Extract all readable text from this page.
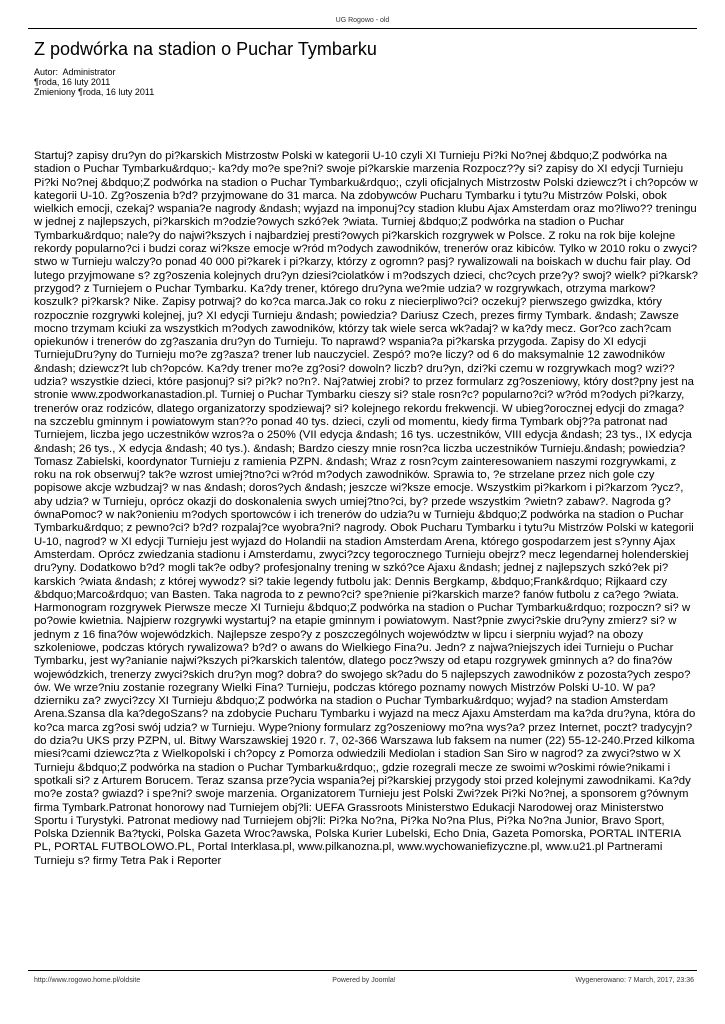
UG Rogowo - old
Z podwórka na stadion o Puchar Tymbarku
Autor:  Administrator
¶roda, 16 luty 2011
Zmieniony ¶roda, 16 luty 2011

Startuj? zapisy dru?yn do pi?karskich Mistrzostw Polski w kategorii U-10 czyli XI Turnieju Pi?ki No?nej &bdquo;Z podwórka na stadion o Puchar Tymbarku&rdquo;- ka?dy mo?e spe?ni? swoje pi?karskie marzenia Rozpocz??y si? zapisy do XI edycji Turnieju Pi?ki No?nej &bdquo;Z podwórka na stadion o Puchar Tymbarku&rdquo;, czyli oficjalnych Mistrzostw Polski dziewcz?t i ch?opców w kategorii U-10. Zg?oszenia b?d? przyjmowane do 31 marca. Na zdobywców Pucharu Tymbarku i tytu?u Mistrzów Polski, obok wielkich emocji, czekaj? wspania?e nagrody &ndash; wyjazd na imponuj?cy stadion klubu Ajax Amsterdam oraz mo?liwo?? treningu w jednej z najlepszych, pi?karskich m?odzie?owych szkó?ek ?wiata. Turniej &bdquo;Z podwórka na stadion o Puchar Tymbarku&rdquo; nale?y do najwi?kszych i najbardziej presti?owych pi?karskich rozgrywek w Polsce. Z roku na rok bije kolejne rekordy popularno?ci i budzi coraz wi?ksze emocje w?ród m?odych zawodników, trenerów oraz kibiców. Tylko w 2010 roku o zwyci?stwo w Turnieju walczy?o ponad 40 000 pi?karek i pi?karzy, którzy z ogromn? pasj? rywalizowali na boiskach w duchu fair play. Od lutego przyjmowane s? zg?oszenia kolejnych dru?yn dziesi?ciolatków i m?odszych dzieci, chc?cych prze?y? swoj? wielk? pi?karsk? przygod? z Turniejem o Puchar Tymbarku. Ka?dy trener, którego dru?yna we?mie udzia? w rozgrywkach, otrzyma markow? koszulk? pi?karsk? Nike. Zapisy potrwaj? do ko?ca marca.Jak co roku z niecierpliwo?ci? oczekuj? pierwszego gwizdka, który rozpocznie rozgrywki kolejnej, ju? XI edycji Turnieju &ndash; powiedzia? Dariusz Czech, prezes firmy Tymbark. &ndash; Zawsze mocno trzymam kciuki za wszystkich m?odych zawodników, którzy tak wiele serca wk?adaj? w ka?dy mecz. Gor?co zach?cam opiekunów i trenerów do zg?aszania dru?yn do Turnieju. To naprawd? wspania?a pi?karska przygoda. Zapisy do XI edycji TurniejuDru?yny do Turnieju mo?e zg?asza? trener lub nauczyciel. Zespó? mo?e liczy? od 6 do maksymalnie 12 zawodników &ndash; dziewcz?t lub ch?opców. Ka?dy trener mo?e zg?osi? dowoln? liczb? dru?yn, dzi?ki czemu w rozgrywkach mog? wzi?? udzia? wszystkie dzieci, które pasjonuj? si? pi?k? no?n?. Naj?atwiej zrobi? to przez formularz zg?oszeniowy, który dost?pny jest na stronie www.zpodworkanastadion.pl. Turniej o Puchar Tymbarku cieszy si? stale rosn?c? popularno?ci? w?ród m?odych pi?karzy, trenerów oraz rodziców, dlatego organizatorzy spodziewaj? si? kolejnego rekordu frekwencji. W ubieg?orocznej edycji do zmaga? na szczeblu gminnym i powiatowym stan??o ponad 40 tys. dzieci, czyli od momentu, kiedy firma Tymbark obj??a patronat nad Turniejem, liczba jego uczestników wzros?a o 250% (VII edycja &ndash; 16 tys. uczestników, VIII edycja &ndash; 23 tys., IX edycja &ndash; 26 tys., X edycja &ndash; 40 tys.). &ndash; Bardzo cieszy mnie rosn?ca liczba uczestników Turnieju.&ndash; powiedzia? Tomasz Zabielski, koordynator Turnieju z ramienia PZPN. &ndash; Wraz z rosn?cym zainteresowaniem naszymi rozgrywkami, z roku na rok obserwuj? tak?e wzrost umiej?tno?ci w?ród m?odych zawodników. Sprawia to, ?e strzelane przez nich gole czy popisowe akcje wzbudzaj? w nas &ndash; doros?ych &ndash; jeszcze wi?ksze emocje. Wszystkim pi?karkom i pi?karzom ?ycz?, aby udzia? w Turnieju, oprócz okazji do doskonalenia swych umiej?tno?ci, by? przede wszystkim ?wietn? zabaw?. Nagroda g?ównaPomoc? w nak?onieniu m?odych sportowców i ich trenerów do udzia?u w Turnieju &bdquo;Z podwórka na stadion o Puchar Tymbarku&rdquo; z pewno?ci? b?d? rozpalaj?ce wyobra?ni? nagrody. Obok Pucharu Tymbarku i tytu?u Mistrzów Polski w kategorii U-10, nagrod? w XI edycji Turnieju jest wyjazd do Holandii na stadion Amsterdam Arena, którego gospodarzem jest s?ynny Ajax Amsterdam. Oprócz zwiedzania stadionu i Amsterdamu, zwyci?zcy tegorocznego Turnieju obejrz? mecz legendarnej holenderskiej dru?yny. Dodatkowo b?d? mogli tak?e odby? profesjonalny trening w szkó?ce Ajaxu &ndash; jednej z najlepszych szkó?ek pi?karskich ?wiata &ndash; z której wywodz? si? takie legendy futbolu jak: Dennis Bergkamp, &bdquo;Frank&rdquo; Rijkaard czy &bdquo;Marco&rdquo; van Basten. Taka nagroda to z pewno?ci? spe?nienie pi?karskich marze? fanów futbolu z ca?ego ?wiata. Harmonogram rozgrywek Pierwsze mecze XI Turnieju &bdquo;Z podwórka na stadion o Puchar Tymbarku&rdquo; rozpoczn? si? w po?owie kwietnia. Najpierw rozgrywki wystartuj? na etapie gminnym i powiatowym. Nast?pnie zwyci?skie dru?yny zmierz? si? w jednym z 16 fina?ów wojewódzkich. Najlepsze zespo?y z poszczególnych województw w lipcu i sierpniu wyjad? na obozy szkoleniowe, podczas których rywalizowa? b?d? o awans do Wielkiego Fina?u. Jedn? z najwa?niejszych idei Turnieju o Puchar Tymbarku, jest wy?anianie najwi?kszych pi?karskich talentów, dlatego pocz?wszy od etapu rozgrywek gminnych a? do fina?ów wojewódzkich, trenerzy zwyci?skich dru?yn mog? dobra? do swojego sk?adu do 5 najlepszych zawodników z pozosta?ych zespo?ów. We wrze?niu zostanie rozegrany Wielki Fina? Turnieju, podczas którego poznamy nowych Mistrzów Polski U-10. W pa?dzierniku za? zwyci?zcy XI Turnieju &bdquo;Z podwórka na stadion o Puchar Tymbarku&rdquo; wyjad? na stadion Amsterdam Arena.Szansa dla ka?degoSzans? na zdobycie Pucharu Tymbarku i wyjazd na mecz Ajaxu Amsterdam ma ka?da dru?yna, która do ko?ca marca zg?osi swój udzia? w Turnieju. Wype?niony formularz zg?oszeniowy mo?na wys?a? przez Internet, poczt? tradycyjn? do dzia?u UKS przy PZPN, ul. Bitwy Warszawskiej 1920 r. 7, 02-366 Warszawa lub faksem na numer (22) 55-12-240.Przed kilkoma miesi?cami dziewcz?ta z Wielkopolski i ch?opcy z Pomorza odwiedzili Mediolan i stadion San Siro w nagrod? za zwyci?stwo w X Turnieju &bdquo;Z podwórka na stadion o Puchar Tymbarku&rdquo;, gdzie rozegrali mecze ze swoimi w?oskimi rówie?nikami i spotkali si? z Arturem Borucem. Teraz szansa prze?ycia wspania?ej pi?karskiej przygody stoi przed kolejnymi zawodnikami. Ka?dy mo?e zosta? gwiazd? i spe?ni? swoje marzenia. Organizatorem Turnieju jest Polski Zwi?zek Pi?ki No?nej, a sponsorem g?ównym firma Tymbark.Patronat honorowy nad Turniejem obj?li: UEFA Grassroots Ministerstwo Edukacji Narodowej oraz Ministerstwo Sportu i Turystyki. Patronat mediowy nad Turniejem obj?li: Pi?ka No?na, Pi?ka No?na Plus, Pi?ka No?na Junior, Bravo Sport, Polska Dziennik Ba?tycki, Polska Gazeta Wroc?awska, Polska Kurier Lubelski, Echo Dnia, Gazeta Pomorska, PORTAL INTERIA PL, PORTAL FUTBOLOWO.PL, Portal Interklasa.pl, www.pilkanozna.pl, www.wychowaniefizyczne.pl, www.u21.pl Partnerami Turnieju s? firmy Tetra Pak i Reporter

http://www.rogowo.home.pl/oldsite	Powered by Joomla!	Wygenerowano: 7 March, 2017, 23:36
